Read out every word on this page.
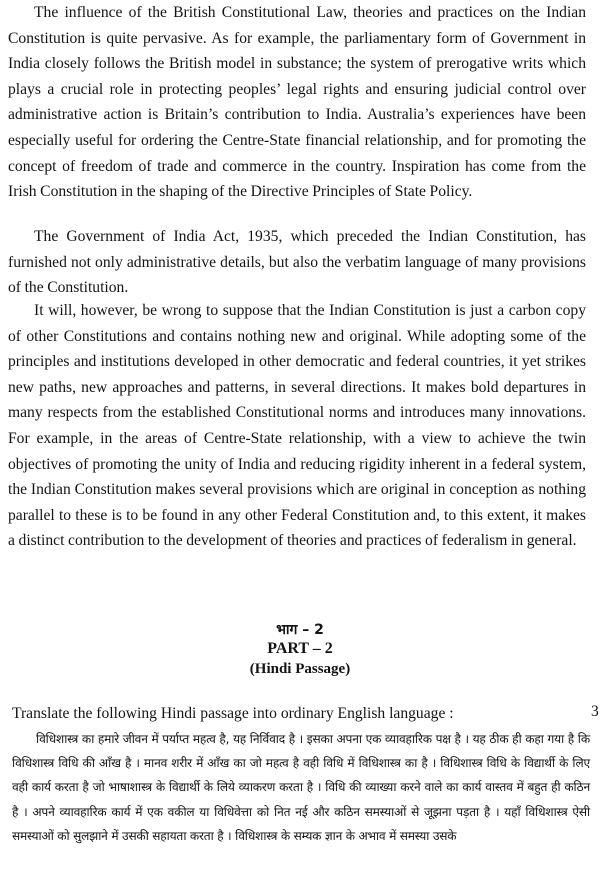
The influence of the British Constitutional Law, theories and practices on the Indian Constitution is quite pervasive. As for example, the parliamentary form of Government in India closely follows the British model in substance; the system of prerogative writs which plays a crucial role in protecting peoples’ legal rights and ensuring judicial control over administrative action is Britain’s contribution to India. Australia’s experiences have been especially useful for ordering the Centre-State financial relationship, and for promoting the concept of freedom of trade and commerce in the country. Inspiration has come from the Irish Constitution in the shaping of the Directive Principles of State Policy.

The Government of India Act, 1935, which preceded the Indian Constitution, has furnished not only administrative details, but also the verbatim language of many provisions of the Constitution.

It will, however, be wrong to suppose that the Indian Constitution is just a carbon copy of other Constitutions and contains nothing new and original. While adopting some of the principles and institutions developed in other democratic and federal countries, it yet strikes new paths, new approaches and patterns, in several directions. It makes bold departures in many respects from the established Constitutional norms and introduces many innovations. For example, in the areas of Centre-State relationship, with a view to achieve the twin objectives of promoting the unity of India and reducing rigidity inherent in a federal system, the Indian Constitution makes several provisions which are original in conception as nothing parallel to these is to be found in any other Federal Constitution and, to this extent, it makes a distinct contribution to the development of theories and practices of federalism in general.

भाग – 2
PART – 2
(Hindi Passage)

Translate the following Hindi passage into ordinary English language :	3

विधिशास्त्र का हमारे जीवन में पर्याप्त महत्व है, यह निर्विवाद है । इसका अपना एक व्यावहारिक पक्ष है । यह ठीक ही कहा गया है कि विधिशास्त्र विधि की आँख है । मानव शरीर में आँख का जो महत्व है वही विधि में विधिशास्त्र का है । विधिशास्त्र विधि के विद्यार्थी के लिए वही कार्य करता है जो भाषाशास्त्र के विद्यार्थी के लिये व्याकरण करता है । विधि की व्याख्या करने वाले का कार्य वास्तव में बहुत ही कठिन है । अपने व्यावहारिक कार्य में एक वकील या विधिवेत्ता को नित नई और कठिन समस्याओं से जूझना पड़ता है । यहाँ विधिशास्त्र ऐसी समस्याओं को सुलझाने में उसकी सहायता करता है । विधिशास्त्र के सम्यक ज्ञान के अभाव में समस्या उसके
